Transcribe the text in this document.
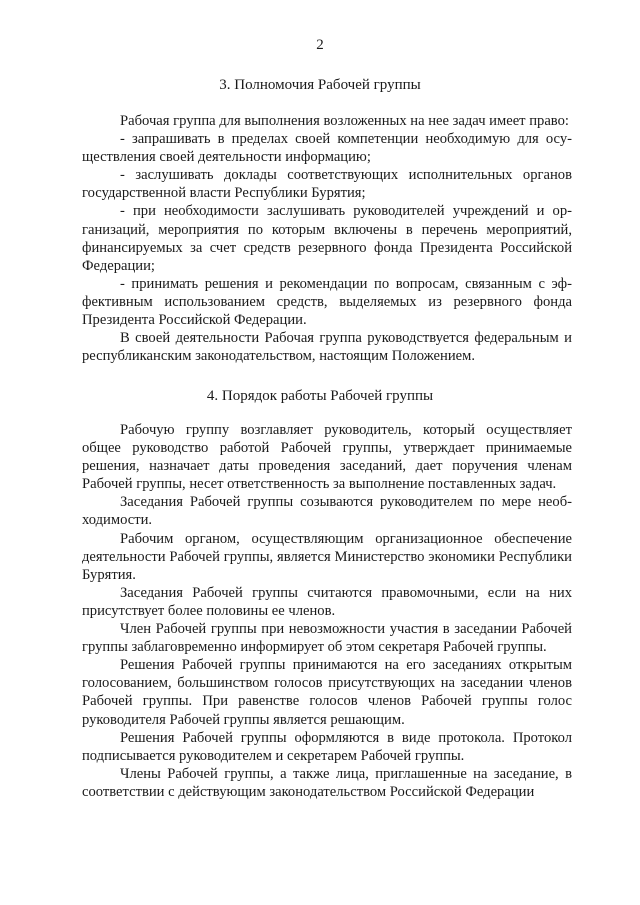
2
3. Полномочия Рабочей группы

Рабочая группа для выполнения возложенных на нее задач имеет право:

- запрашивать в пределах своей компетенции необходимую для осуществления своей деятельности информацию;

- заслушивать доклады соответствующих исполнительных органов государственной власти Республики Бурятия;

- при необходимости заслушивать руководителей учреждений и организаций, мероприятия по которым включены в перечень мероприятий, финансируемых за счет средств резервного фонда Президента Российской Федерации;

- принимать решения и рекомендации по вопросам, связанным с эффективным использованием средств, выделяемых из резервного фонда Президента Российской Федерации.

В своей деятельности Рабочая группа руководствуется федеральным и республиканским законодательством, настоящим Положением.

4. Порядок работы Рабочей группы

Рабочую группу возглавляет руководитель, который осуществляет общее руководство работой Рабочей группы, утверждает принимаемые решения, назначает даты проведения заседаний, дает поручения членам Рабочей группы, несет ответственность за выполнение поставленных задач.

Заседания Рабочей группы созываются руководителем по мере необходимости.

Рабочим органом, осуществляющим организационное обеспечение деятельности Рабочей группы, является Министерство экономики Республики Бурятия.

Заседания Рабочей группы считаются правомочными, если на них присутствует более половины ее членов.

Член Рабочей группы при невозможности участия в заседании Рабочей группы заблаговременно информирует об этом секретаря Рабочей группы.

Решения Рабочей группы принимаются на его заседаниях открытым голосованием, большинством голосов присутствующих на заседании членов Рабочей группы. При равенстве голосов членов Рабочей группы голос руководителя Рабочей группы является решающим.

Решения Рабочей группы оформляются в виде протокола. Протокол подписывается руководителем и секретарем Рабочей группы.

Члены Рабочей группы, а также лица, приглашенные на заседание, в соответствии с действующим законодательством Российской Федерации
